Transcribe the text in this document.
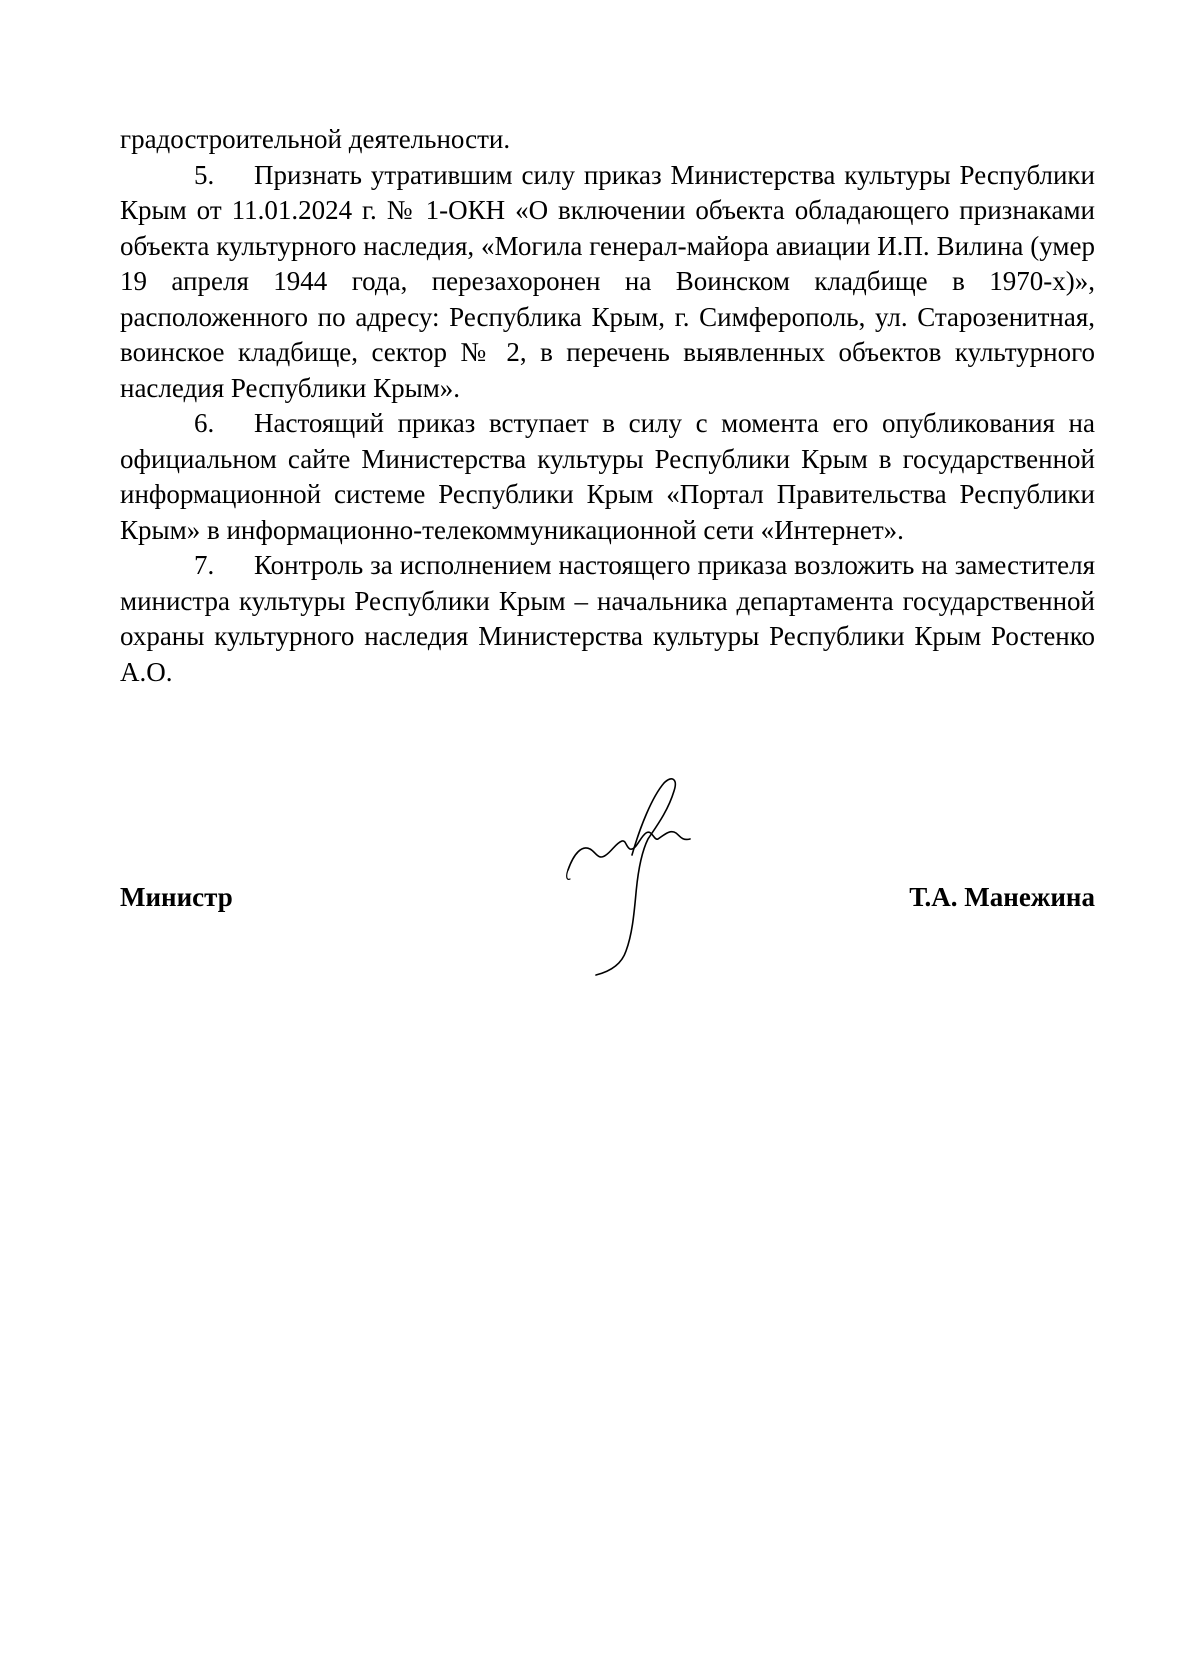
градостроительной деятельности.

5. Признать утратившим силу приказ Министерства культуры Республики Крым от 11.01.2024 г. № 1-ОКН «О включении объекта обладающего признаками объекта культурного наследия, «Могила генерал-майора авиации И.П. Вилина (умер 19 апреля 1944 года, перезахоронен на Воинском кладбище в 1970-х)», расположенного по адресу: Республика Крым, г. Симферополь, ул. Старозенитная, воинское кладбище, сектор № 2, в перечень выявленных объектов культурного наследия Республики Крым».

6. Настоящий приказ вступает в силу с момента его опубликования на официальном сайте Министерства культуры Республики Крым в государственной информационной системе Республики Крым «Портал Правительства Республики Крым» в информационно-телекоммуникационной сети «Интернет».

7. Контроль за исполнением настоящего приказа возложить на заместителя министра культуры Республики Крым – начальника департамента государственной охраны культурного наследия Министерства культуры Республики Крым Ростенко А.О.

Министр	Т.А. Манежина
